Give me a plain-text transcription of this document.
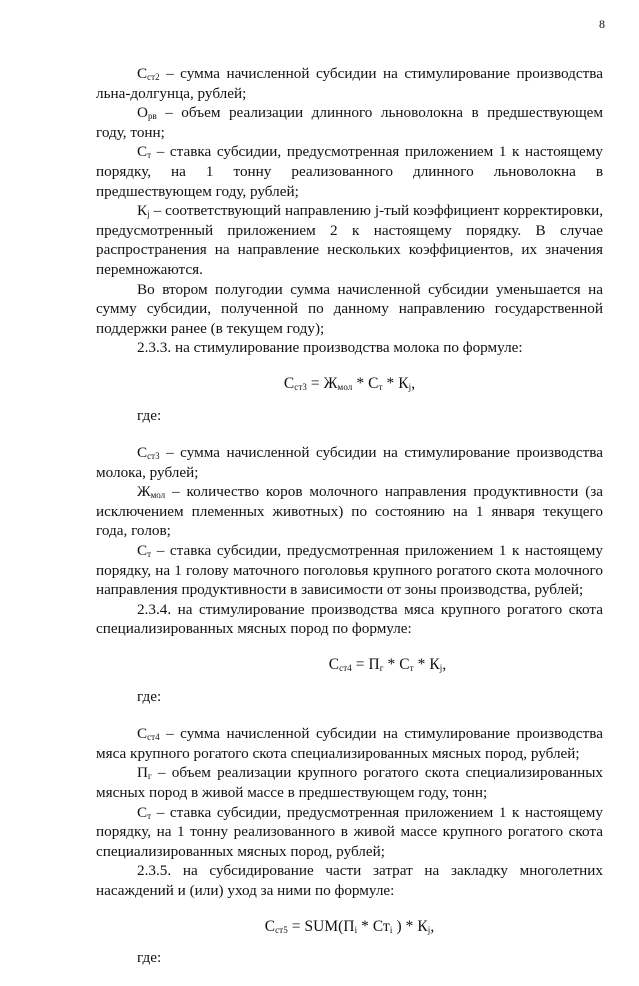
8

$С_{ст2}$ – сумма начисленной субсидии на стимулирование производства льна-долгунца, рублей;

$О_{рв}$ – объем реализации длинного льноволокна в предшествующем году, тонн;

$С_т$ – ставка субсидии, предусмотренная приложением 1 к настоящему порядку, на 1 тонну реализованного длинного льноволокна в предшествующем году, рублей;

$К_j$ – соответствующий направлению j-тый коэффициент корректировки, предусмотренный приложением 2 к настоящему порядку. В случае распространения на направление нескольких коэффициентов, их значения перемножаются.

Во втором полугодии сумма начисленной субсидии уменьшается на сумму субсидии, полученной по данному направлению государственной поддержки ранее (в текущем году);

2.3.3. на стимулирование производства молока по формуле:

$С_{ст3} = Ж_{мол} * С_т * К_j$,
где:

$С_{ст3}$ – сумма начисленной субсидии на стимулирование производства молока, рублей;

$Ж_{мол}$ – количество коров молочного направления продуктивности (за исключением племенных животных) по состоянию на 1 января текущего года, голов;

$С_т$ – ставка субсидии, предусмотренная приложением 1 к настоящему порядку, на 1 голову маточного поголовья крупного рогатого скота молочного направления продуктивности в зависимости от зоны производства, рублей;

2.3.4. на стимулирование производства мяса крупного рогатого скота специализированных мясных пород по формуле:

$С_{ст4} = П_г * С_т * К_j$,
где:

$С_{ст4}$ – сумма начисленной субсидии на стимулирование производства мяса крупного рогатого скота специализированных мясных пород, рублей;

$П_г$ – объем реализации крупного рогатого скота специализированных мясных пород в живой массе в предшествующем году, тонн;

$С_т$ – ставка субсидии, предусмотренная приложением 1 к настоящему порядку, на 1 тонну реализованного в живой массе крупного рогатого скота специализированных мясных пород, рублей;

2.3.5. на субсидирование части затрат на закладку многолетних насаждений и (или) уход за ними по формуле:

$С_{ст5} = SUM(П_i * Ст_i$ ) * $К_j$,
где:
